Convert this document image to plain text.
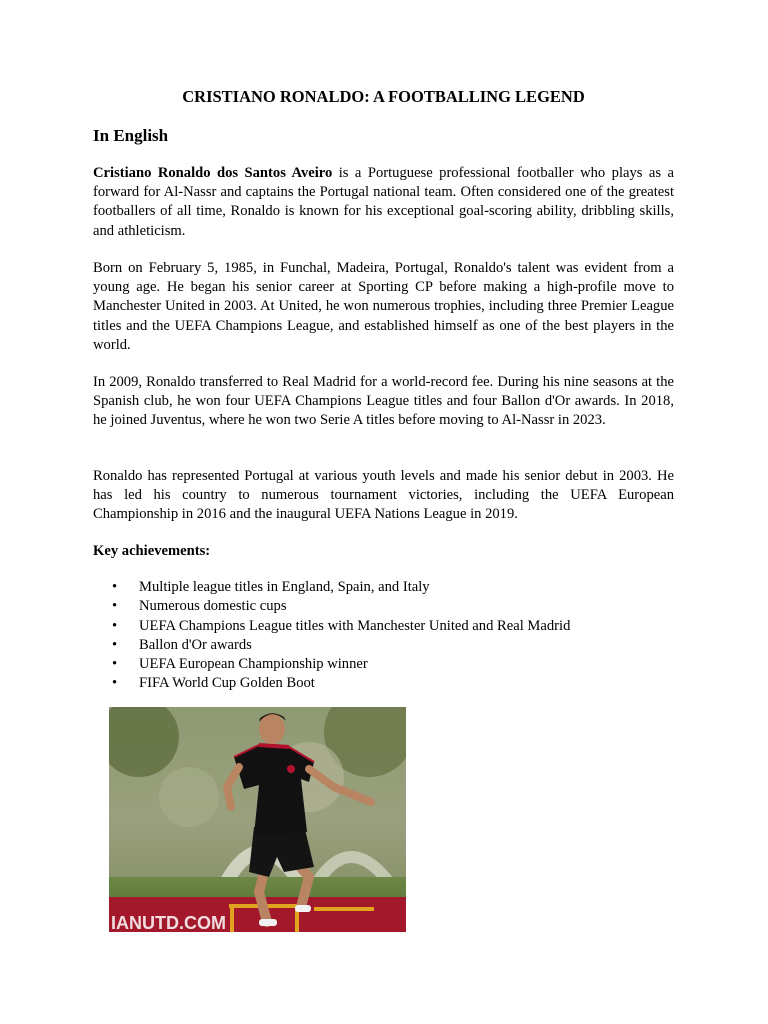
CRISTIANO RONALDO: A FOOTBALLING LEGEND
In English

Cristiano Ronaldo dos Santos Aveiro is a Portuguese professional footballer who plays as a forward for Al-Nassr and captains the Portugal national team. Often considered one of the greatest footballers of all time, Ronaldo is known for his exceptional goal-scoring ability, dribbling skills, and athleticism.

Born on February 5, 1985, in Funchal, Madeira, Portugal, Ronaldo's talent was evident from a young age. He began his senior career at Sporting CP before making a high-profile move to Manchester United in 2003. At United, he won numerous trophies, including three Premier League titles and the UEFA Champions League, and established himself as one of the best players in the world.

In 2009, Ronaldo transferred to Real Madrid for a world-record fee. During his nine seasons at the Spanish club, he won four UEFA Champions League titles and four Ballon d'Or awards. In 2018, he joined Juventus, where he won two Serie A titles before moving to Al-Nassr in 2023.

Ronaldo has represented Portugal at various youth levels and made his senior debut in 2003. He has led his country to numerous tournament victories, including the UEFA European Championship in 2016 and the inaugural UEFA Nations League in 2019.

Key achievements:
• Multiple league titles in England, Spain, and Italy
• Numerous domestic cups
• UEFA Champions League titles with Manchester United and Real Madrid
• Ballon d'Or awards
• UEFA European Championship winner
• FIFA World Cup Golden Boot
IANUTD.COM
